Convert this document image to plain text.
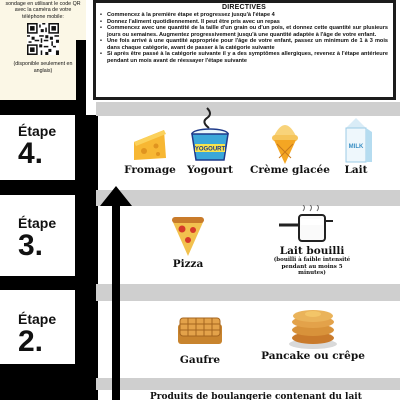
sondage en utilisant le code QR avec la caméra de votre téléphone mobile:
(disponible seulement en anglais)
Étape
4.
Étape
3.
Étape
2.
DIRECTIVES
• Commencez à la première étape et progressez jusqu'à l'étape 4
• Donnez l'aliment quotidiennement. Il peut être pris avec un repas
• Commencez avec une quantité de la taille d'un grain ou d'un pois, et donnez cette quantité sur plusieurs jours ou semaines. Augmentez progressivement jusqu'à une quantité adaptée à l'âge de votre enfant.
• Une fois arrivé à une quantité appropriée pour l'âge de votre enfant, passez un minimum de 1 à 3 mois dans chaque catégorie, avant de passer à la catégorie suivante
• Si après être passé à la catégorie suivante il y a des symptômes allergiques, revenez à l'étape antérieure pendant un mois avant de réessayer l'étape suivante
Fromage
YOGOURT
Yogourt	Crème glacée
MILK
Lait
Pizza
Lait bouilli
(bouilli à faible intensité pendant au moins 5 minutes)
Gaufre	Pancake ou crêpe
Produits de boulangerie contenant du lait
